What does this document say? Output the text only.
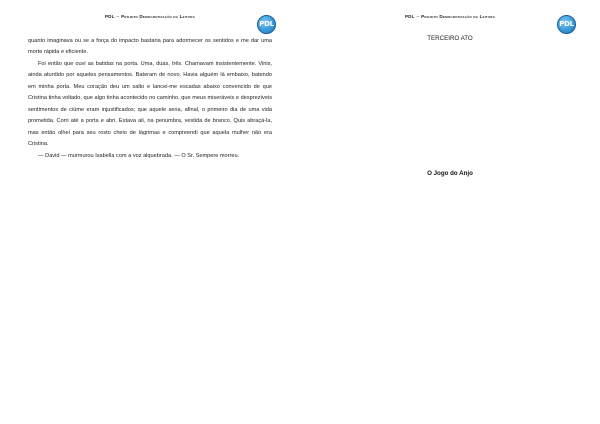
PDL – Projeto Democratização da Leitura
PDL

quanto imaginava ou se a força do impacto bastaria para adormecer os sentidos e me dar uma morte rápida e eficiente.

Foi então que ouvi as batidas na porta. Uma, duas, três. Chamavam insistentemente. Vinis, ainda aturdido por aqueles pensamentos. Bateram de novo. Havia alguém lá embaixo, batendo em minha porta. Meu coração deu um salto e lancei-me escadas abaixo convencido de que Cristina tinha voltado, que algo tinha acontecido no caminho, que meus miseráveis e desprezíveis sentimentos de ciúme eram injustificados; que aquele seria, afinal, o primeiro dia de uma vida prometida. Corri até a porta e abri. Estava ali, na penumbra, vestida de branco. Quis abraçá-la, mas então olhei para seu rosto cheio de lágrimas e compreendi que aquela mulher não era Cristina.

— David — murmurou Isabella com a voz alquebrada. — O Sr. Sempere morreu.

PDL – Projeto Democratização da Leitura
PDL
TERCEIRO ATO
O Jogo do Anjo
